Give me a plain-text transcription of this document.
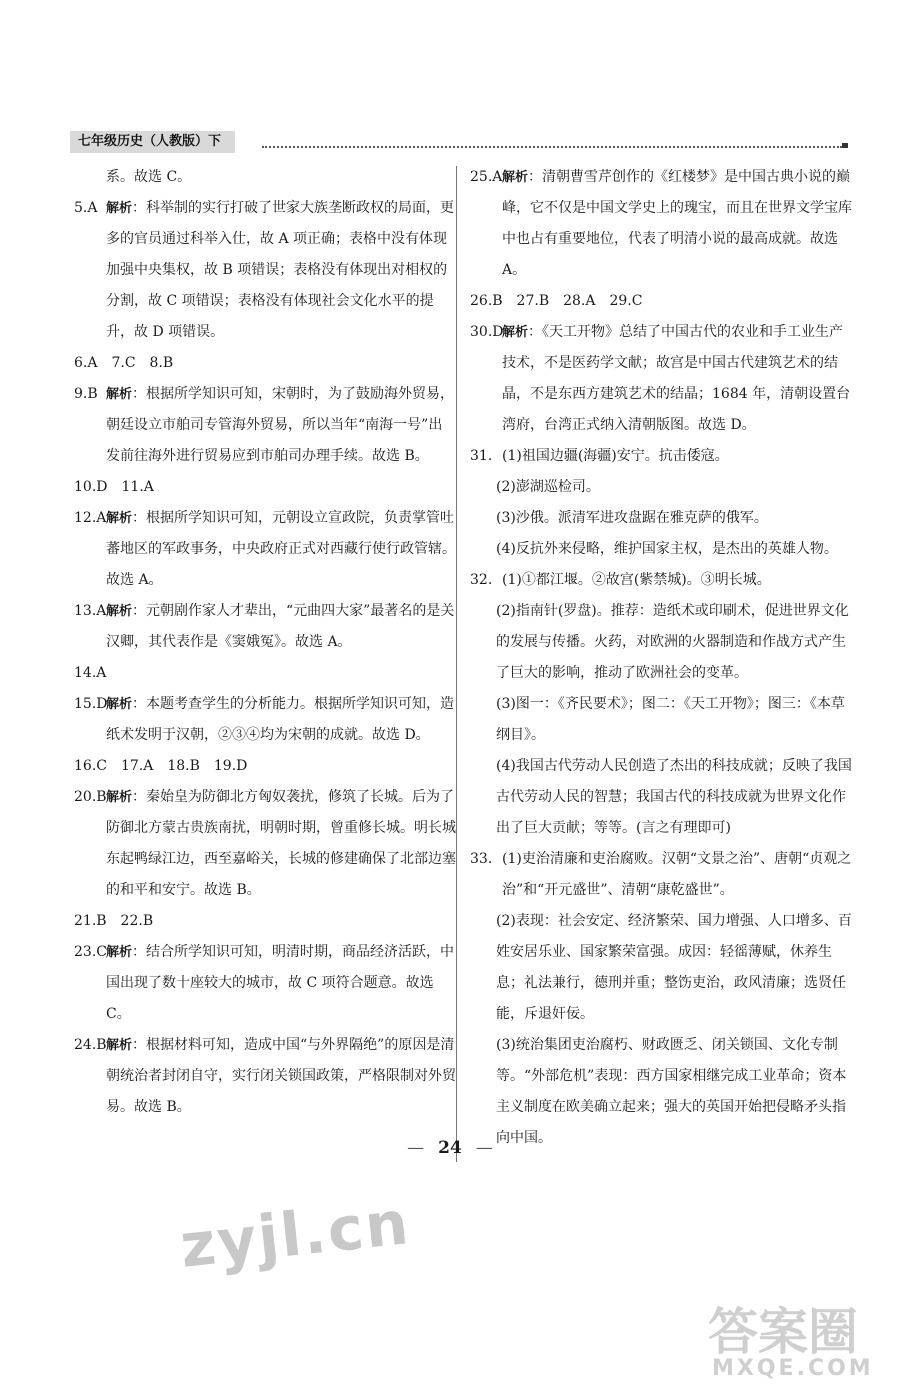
七年级历史（人教版）下

系。故选 C。

5.A 解析：科举制的实行打破了世家大族垄断政权的局面，更多的官员通过科举入仕，故 A 项正确；表格中没有体现加强中央集权，故 B 项错误；表格没有体现出对相权的分割，故 C 项错误；表格没有体现社会文化水平的提升，故 D 项错误。

6.A　7.C　8.B

9.B 解析：根据所学知识可知，宋朝时，为了鼓励海外贸易，朝廷设立市舶司专管海外贸易，所以当年“南海一号”出发前往海外进行贸易应到市舶司办理手续。故选 B。

10.D　11.A

12.A解析：根据所学知识可知，元朝设立宣政院，负责掌管吐蕃地区的军政事务，中央政府正式对西藏行使行政管辖。故选 A。

13.A解析：元朝剧作家人才辈出，“元曲四大家”最著名的是关汉卿，其代表作是《窦娥冤》。故选 A。

14.A

15.D解析：本题考查学生的分析能力。根据所学知识可知，造纸术发明于汉朝，②③④均为宋朝的成就。故选 D。

16.C　17.A　18.B　19.D

20.B解析：秦始皇为防御北方匈奴袭扰，修筑了长城。后为了防御北方蒙古贵族南扰，明朝时期，曾重修长城。明长城东起鸭绿江边，西至嘉峪关，长城的修建确保了北部边塞的和平和安宁。故选 B。

21.B　22.B

23.C解析：结合所学知识可知，明清时期，商品经济活跃，中国出现了数十座较大的城市，故 C 项符合题意。故选 C。

24.B解析：根据材料可知，造成中国“与外界隔绝”的原因是清朝统治者封闭自守，实行闭关锁国政策，严格限制对外贸易。故选 B。

25.A解析：清朝曹雪芹创作的《红楼梦》是中国古典小说的巅峰，它不仅是中国文学史上的瑰宝，而且在世界文学宝库中也占有重要地位，代表了明清小说的最高成就。故选 A。

26.B　27.B　28.A　29.C

30.D解析：《天工开物》总结了中国古代的农业和手工业生产技术，不是医药学文献；故宫是中国古代建筑艺术的结晶，不是东西方建筑艺术的结晶；1684 年，清朝设置台湾府，台湾正式纳入清朝版图。故选 D。

31. (1)祖国边疆(海疆)安宁。抗击倭寇。

(2)澎湖巡检司。

(3)沙俄。派清军进攻盘踞在雅克萨的俄军。

(4)反抗外来侵略，维护国家主权，是杰出的英雄人物。

32. (1)①都江堰。②故宫(紫禁城)。③明长城。

(2)指南针(罗盘)。推荐：造纸术或印刷术，促进世界文化的发展与传播。火药，对欧洲的火器制造和作战方式产生了巨大的影响，推动了欧洲社会的变革。

(3)图一：《齐民要术》；图二：《天工开物》；图三：《本草纲目》。

(4)我国古代劳动人民创造了杰出的科技成就；反映了我国古代劳动人民的智慧；我国古代的科技成就为世界文化作出了巨大贡献；等等。(言之有理即可)

33. (1)吏治清廉和吏治腐败。汉朝“文景之治”、唐朝“贞观之治”和“开元盛世”、清朝“康乾盛世”。

(2)表现：社会安定、经济繁荣、国力增强、人口增多、百姓安居乐业、国家繁荣富强。成因：轻徭薄赋，休养生息；礼法兼行，德刑并重；整饬吏治，政风清廉；选贤任能，斥退奸佞。

(3)统治集团吏治腐朽、财政匮乏、闭关锁国、文化专制等。“外部危机”表现：西方国家相继完成工业革命；资本主义制度在欧美确立起来；强大的英国开始把侵略矛头指向中国。

— 24 —
zyjl.cn
答案圈
MXQE.COM
